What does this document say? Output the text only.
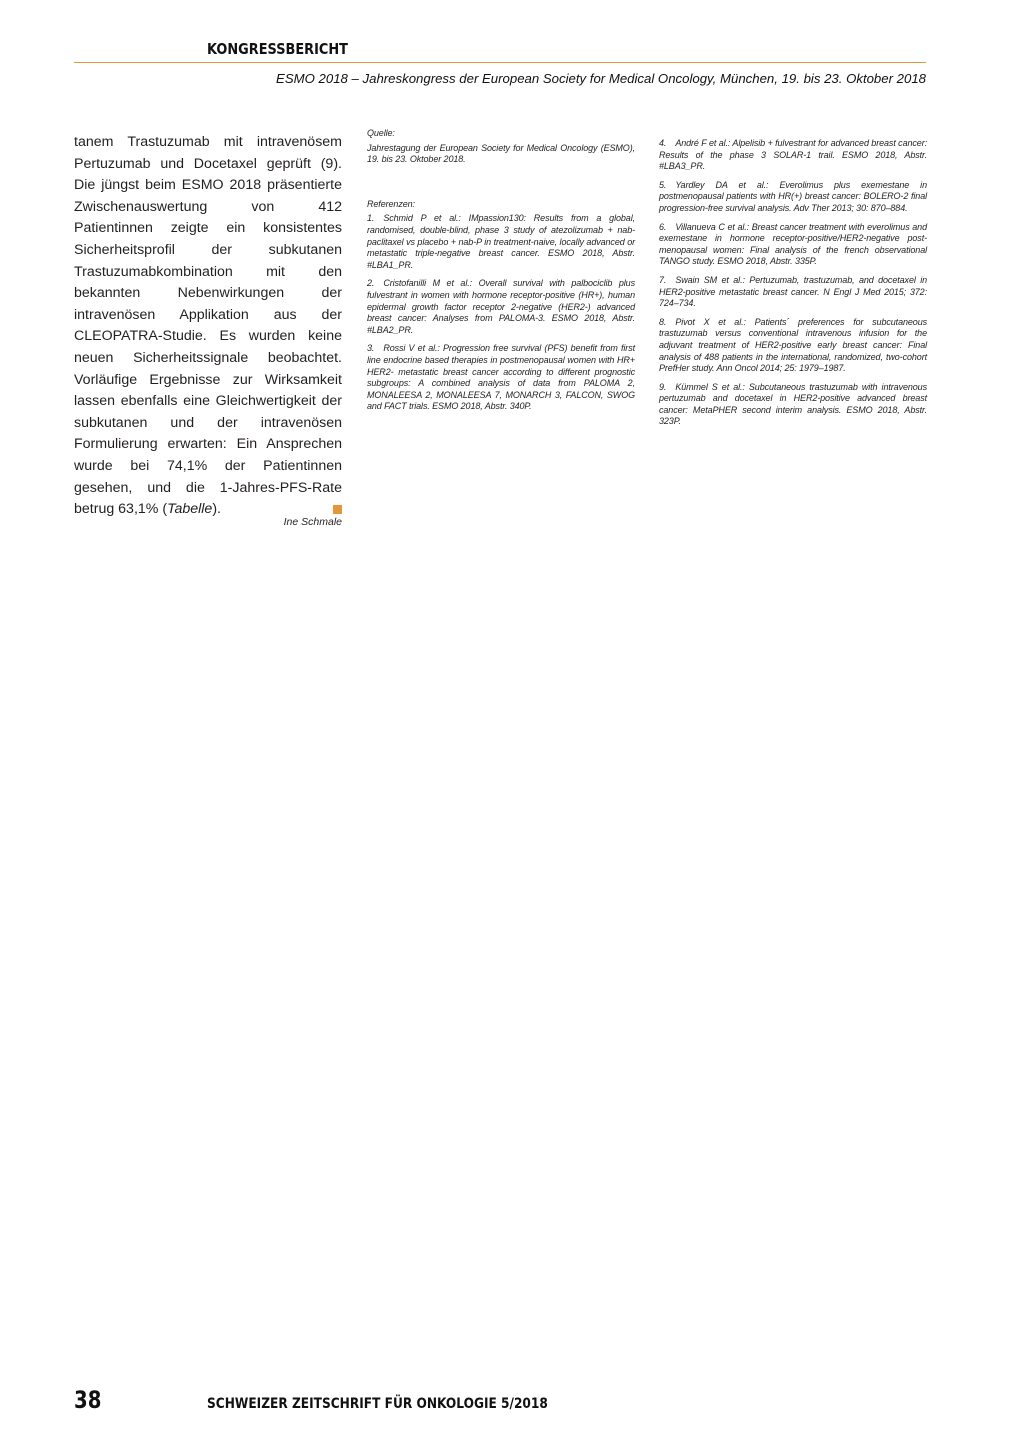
KONGRESSBERICHT
ESMO 2018 – Jahreskongress der European Society for Medical Oncology, München, 19. bis 23. Oktober 2018

tanem Trastuzumab mit intravenösem Pertuzumab und Docetaxel geprüft (9). Die jüngst beim ESMO 2018 präsentierte Zwischenauswertung von 412 Patientinnen zeigte ein konsistentes Sicherheitsprofil der subkutanen Trastuzumabkombination mit den bekannten Nebenwirkungen der intravenösen Applikation aus der CLEOPATRA-Studie. Es wurden keine neuen Sicherheitssignale beobachtet. Vorläufige Ergebnisse zur Wirksamkeit lassen ebenfalls eine Gleichwertigkeit der subkutanen und der intravenösen Formulierung erwarten: Ein Ansprechen wurde bei 74,1% der Patientinnen gesehen, und die 1-Jahres-PFS-Rate betrug 63,1% (Tabelle).

Ine Schmale

Quelle:

Jahrestagung der European Society for Medical Oncology (ESMO), 19. bis 23. Oktober 2018.

Referenzen:

1. Schmid P et al.: IMpassion130: Results from a global, randomised, double-blind, phase 3 study of atezolizumab + nab-paclitaxel vs placebo + nab-P in treatment-naive, locally advanced or metastatic triple-negative breast cancer. ESMO 2018, Abstr. #LBA1_PR.

2. Cristofanilli M et al.: Overall survival with palbociclib plus fulvestrant in women with hormone receptor-positive (HR+), human epidermal growth factor receptor 2-negative (HER2-) advanced breast cancer: Analyses from PALOMA-3. ESMO 2018, Abstr. #LBA2_PR.

3. Rossi V et al.: Progression free survival (PFS) benefit from first line endocrine based therapies in postmenopausal women with HR+ HER2- metastatic breast cancer according to different prognostic subgroups: A combined analysis of data from PALOMA 2, MONALEESA 2, MONALEESA 7, MONARCH 3, FALCON, SWOG and FACT trials. ESMO 2018, Abstr. 340P.

4. André F et al.: Alpelisib + fulvestrant for advanced breast cancer: Results of the phase 3 SOLAR-1 trail. ESMO 2018, Abstr. #LBA3_PR.

5. Yardley DA et al.: Everolimus plus exemestane in postmenopausal patients with HR(+) breast cancer: BOLERO-2 final progression-free survival analysis. Adv Ther 2013; 30: 870–884.

6. Villanueva C et al.: Breast cancer treatment with everolimus and exemestane in hormone receptor-positive/HER2-negative post-menopausal women: Final analysis of the french observational TANGO study. ESMO 2018, Abstr. 335P.

7. Swain SM et al.: Pertuzumab, trastuzumab, and docetaxel in HER2-positive metastatic breast cancer. N Engl J Med 2015; 372: 724–734.

8. Pivot X et al.: Patients´ preferences for subcutaneous trastuzumab versus conventional intravenous infusion for the adjuvant treatment of HER2-positive early breast cancer: Final analysis of 488 patients in the international, randomized, two-cohort PrefHer study. Ann Oncol 2014; 25: 1979–1987.

9. Kümmel S et al.: Subcutaneous trastuzumab with intravenous pertuzumab and docetaxel in HER2-positive advanced breast cancer: MetaPHER second interim analysis. ESMO 2018, Abstr. 323P.

38	SCHWEIZER ZEITSCHRIFT FÜR ONKOLOGIE 5/2018
